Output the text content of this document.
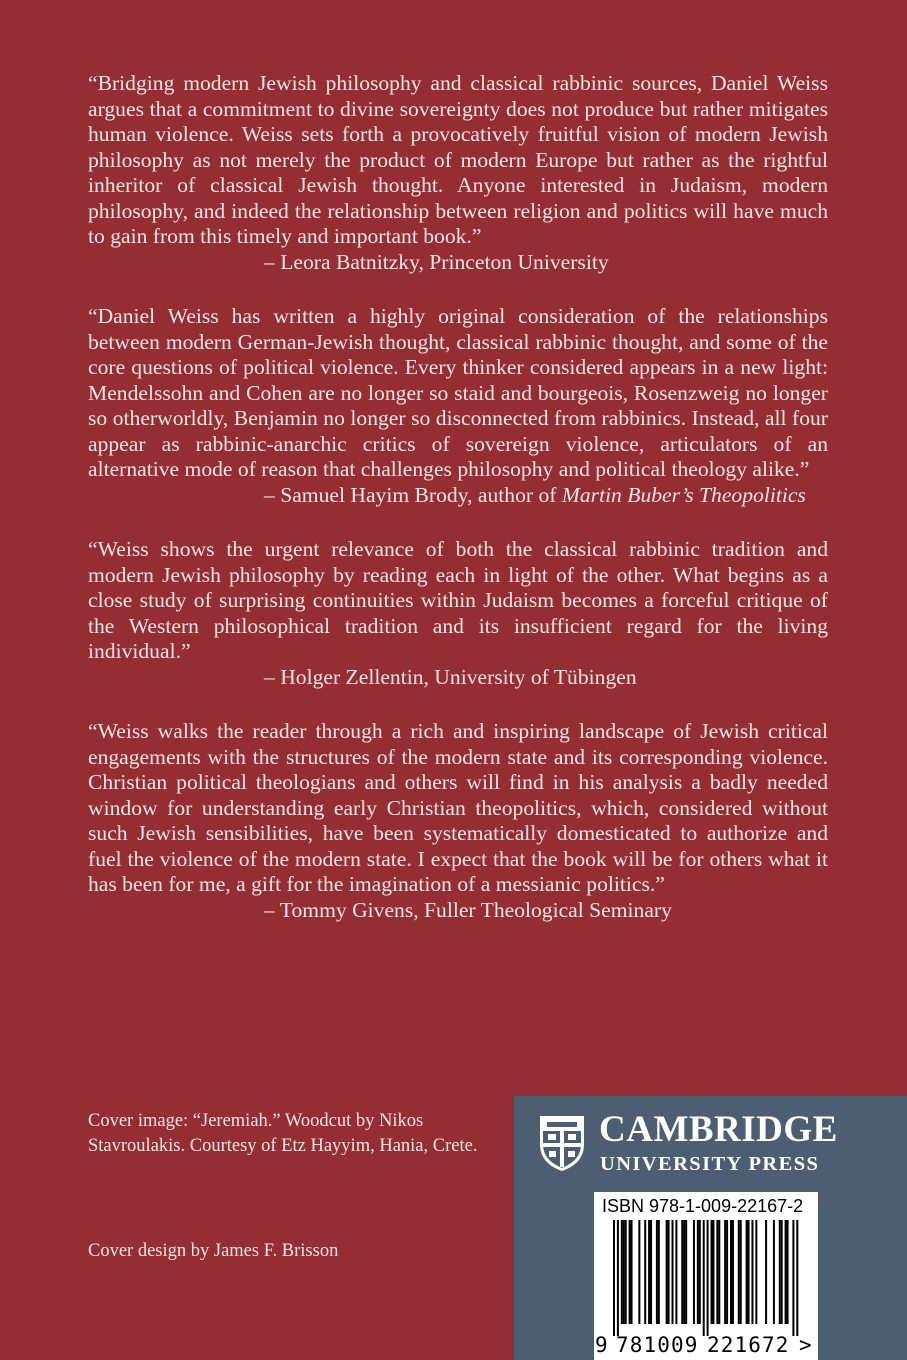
“Bridging modern Jewish philosophy and classical rabbinic sources, Daniel Weiss argues that a commitment to divine sovereignty does not produce but rather mitigates human violence. Weiss sets forth a provocatively fruitful vision of modern Jewish philosophy as not merely the product of modern Europe but rather as the rightful inheritor of classical Jewish thought. Anyone interested in Judaism, modern philosophy, and indeed the relationship between religion and politics will have much to gain from this timely and important book.”

– Leora Batnitzky, Princeton University

“Daniel Weiss has written a highly original consideration of the relationships between modern German-Jewish thought, classical rabbinic thought, and some of the core questions of political violence. Every thinker considered appears in a new light: Mendelssohn and Cohen are no longer so staid and bourgeois, Rosenzweig no longer so otherworldly, Benjamin no longer so disconnected from rabbinics. Instead, all four appear as rabbinic-anarchic critics of sovereign violence, articulators of an alternative mode of reason that challenges philosophy and political theology alike.”

– Samuel Hayim Brody, author of Martin Buber’s Theopolitics

“Weiss shows the urgent relevance of both the classical rabbinic tradition and modern Jewish philosophy by reading each in light of the other. What begins as a close study of surprising continuities within Judaism becomes a forceful critique of the Western philosophical tradition and its insufficient regard for the living individual.”

– Holger Zellentin, University of Tübingen

“Weiss walks the reader through a rich and inspiring landscape of Jewish critical engagements with the structures of the modern state and its corresponding violence. Christian political theologians and others will find in his analysis a badly needed window for understanding early Christian theopolitics, which, considered without such Jewish sensibilities, have been systematically domesticated to authorize and fuel the violence of the modern state. I expect that the book will be for others what it has been for me, a gift for the imagination of a messianic politics.”

– Tommy Givens, Fuller Theological Seminary

Cover image: “Jeremiah.” Woodcut by Nikos Stavroulakis. Courtesy of Etz Hayyim, Hania, Crete.
Cover design by James F. Brisson
CAMBRIDGE
UNIVERSITY PRESS
ISBN 978-1-009-22167-2
9 781009 221672 >
